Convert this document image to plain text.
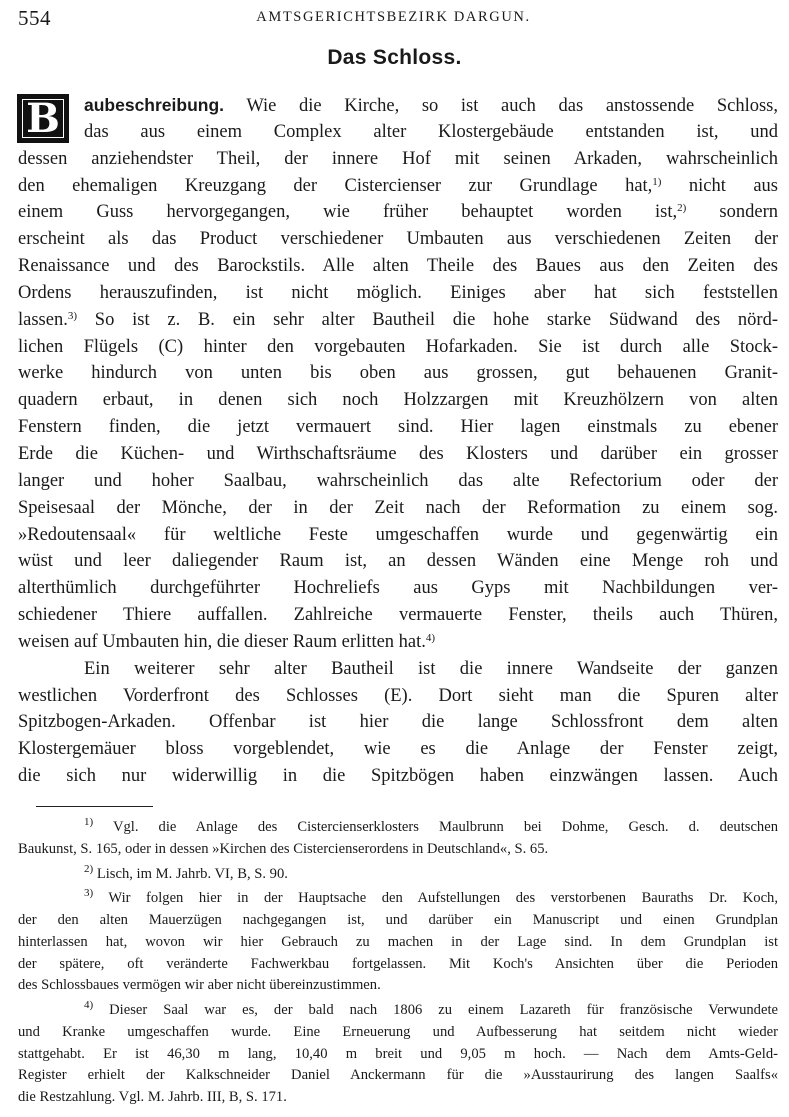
554	AMTSGERICHTSBEZIRK DARGUN.
Das Schloss.
B	aubeschreibung. Wie die Kirche, so ist auch das anstossende Schloss,
das aus einem Complex alter Klostergebäude entstanden ist, und
dessen anziehendster Theil, der innere Hof mit seinen Arkaden, wahrscheinlich
den ehemaligen Kreuzgang der Cistercienser zur Grundlage hat,$^{1)}$ nicht aus
einem Guss hervorgegangen, wie früher behauptet worden ist,$^{2)}$ sondern
erscheint als das Product verschiedener Umbauten aus verschiedenen Zeiten der
Renaissance und des Barockstils. Alle alten Theile des Baues aus den Zeiten des
Ordens herauszufinden, ist nicht möglich. Einiges aber hat sich feststellen
lassen.$^{3)}$ So ist z. B. ein sehr alter Bautheil die hohe starke Südwand des nörd-
lichen Flügels (C) hinter den vorgebauten Hofarkaden. Sie ist durch alle Stock-
werke hindurch von unten bis oben aus grossen, gut behauenen Granit-
quadern erbaut, in denen sich noch Holzzargen mit Kreuzhölzern von alten
Fenstern finden, die jetzt vermauert sind. Hier lagen einstmals zu ebener
Erde die Küchen- und Wirthschaftsräume des Klosters und darüber ein grosser
langer und hoher Saalbau, wahrscheinlich das alte Refectorium oder der
Speisesaal der Mönche, der in der Zeit nach der Reformation zu einem sog.
»Redoutensaal« für weltliche Feste umgeschaffen wurde und gegenwärtig ein
wüst und leer daliegender Raum ist, an dessen Wänden eine Menge roh und
alterthümlich durchgeführter Hochreliefs aus Gyps mit Nachbildungen ver-
schiedener Thiere auffallen. Zahlreiche vermauerte Fenster, theils auch Thüren,
weisen auf Umbauten hin, die dieser Raum erlitten hat.$^{4)}$
Ein weiterer sehr alter Bautheil ist die innere Wandseite der ganzen
westlichen Vorderfront des Schlosses (E). Dort sieht man die Spuren alter
Spitzbogen-Arkaden. Offenbar ist hier die lange Schlossfront dem alten
Klostergemäuer bloss vorgeblendet, wie es die Anlage der Fenster zeigt,
die sich nur widerwillig in die Spitzbögen haben einzwängen lassen. Auch
$^{1)}$ Vgl. die Anlage des Cistercienserklosters Maulbrunn bei Dohme, Gesch. d. deutschen
Baukunst, S. 165, oder in dessen »Kirchen des Cistercienserordens in Deutschland«, S. 65.
$^{2)}$ Lisch, im M. Jahrb. VI, B, S. 90.
$^{3)}$ Wir folgen hier in der Hauptsache den Aufstellungen des verstorbenen Bauraths Dr. Koch,
der den alten Mauerzügen nachgegangen ist, und darüber ein Manuscript und einen Grundplan
hinterlassen hat, wovon wir hier Gebrauch zu machen in der Lage sind. In dem Grundplan ist
der spätere, oft veränderte Fachwerkbau fortgelassen. Mit Koch's Ansichten über die Perioden
des Schlossbaues vermögen wir aber nicht übereinzustimmen.
$^{4)}$ Dieser Saal war es, der bald nach 1806 zu einem Lazareth für französische Verwundete
und Kranke umgeschaffen wurde. Eine Erneuerung und Aufbesserung hat seitdem nicht wieder
stattgehabt. Er ist 46,30 m lang, 10,40 m breit und 9,05 m hoch. — Nach dem Amts-Geld-
Register erhielt der Kalkschneider Daniel Anckermann für die »Ausstaurirung des langen Saalfs«
die Restzahlung. Vgl. M. Jahrb. III, B, S. 171.
